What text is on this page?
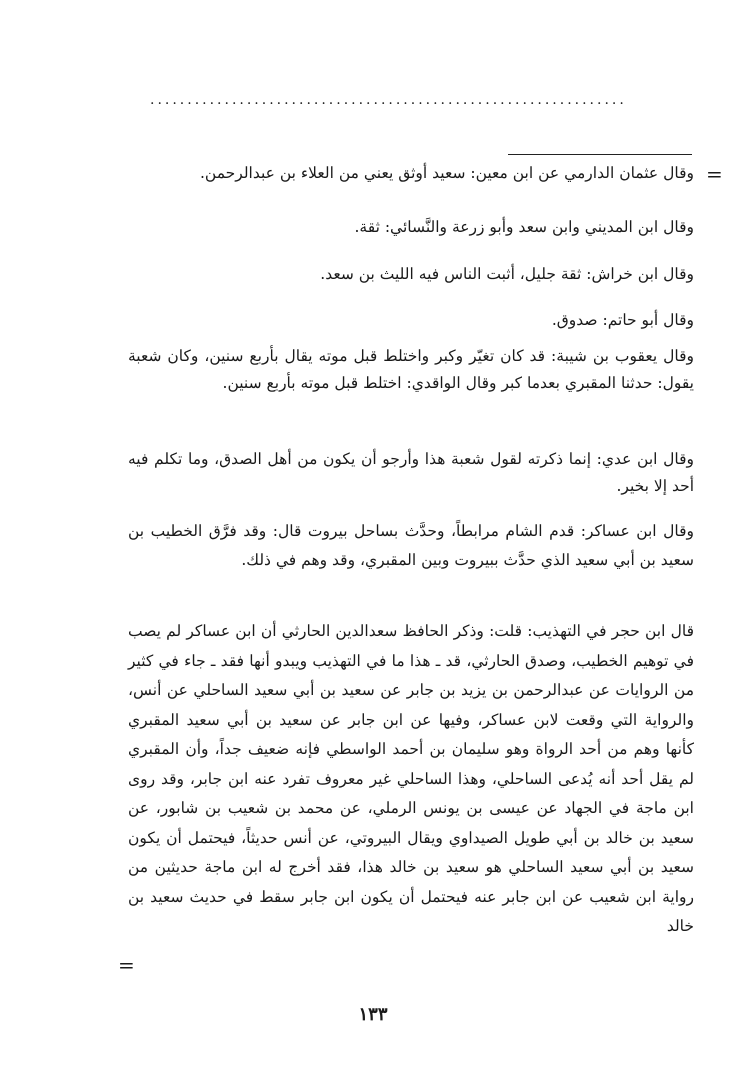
................................................................
=

وقال عثمان الدارمي عن ابن معين: سعيد أوثق يعني من العلاء بن عبدالرحمن.

وقال ابن المديني وابن سعد وأبو زرعة والنَّسائي: ثقة.

وقال ابن خراش: ثقة جليل، أثبت الناس فيه الليث بن سعد.

وقال أبو حاتم: صدوق.

وقال يعقوب بن شيبة: قد كان تغيّر وكبر واختلط قبل موته يقال بأربع سنين، وكان شعبة يقول: حدثنا المقبري بعدما كبر وقال الواقدي: اختلط قبل موته بأربع سنين.

وقال ابن عدي: إنما ذكرته لقول شعبة هذا وأرجو أن يكون من أهل الصدق، وما تكلم فيه أحد إلا بخير.

وقال ابن عساكر: قدم الشام مرابطاً، وحدَّث بساحل بيروت قال: وقد فرَّق الخطيب بن سعيد بن أبي سعيد الذي حدَّث ببيروت وبين المقبري، وقد وهم في ذلك.

قال ابن حجر في التهذيب: قلت: وذكر الحافظ سعدالدين الحارثي أن ابن عساكر لم يصب في توهيم الخطيب، وصدق الحارثي، قد ـ هذا ما في التهذيب ويبدو أنها فقد ـ جاء في كثير من الروايات عن عبدالرحمن بن يزيد بن جابر عن سعيد بن أبي سعيد الساحلي عن أنس، والرواية التي وقعت لابن عساكر، وفيها عن ابن جابر عن سعيد بن أبي سعيد المقبري كأنها وهم من أحد الرواة وهو سليمان بن أحمد الواسطي فإنه ضعيف جداً، وأن المقبري لم يقل أحد أنه يُدعى الساحلي، وهذا الساحلي غير معروف تفرد عنه ابن جابر، وقد روى ابن ماجة في الجهاد عن عيسى بن يونس الرملي، عن محمد بن شعيب بن شابور، عن سعيد بن خالد بن أبي طويل الصيداوي ويقال البيروتي، عن أنس حديثاً، فيحتمل أن يكون سعيد بن أبي سعيد الساحلي هو سعيد بن خالد هذا، فقد أخرج له ابن ماجة حديثين من رواية ابن شعيب عن ابن جابر عنه فيحتمل أن يكون ابن جابر سقط في حديث سعيد بن خالد

=
١٣٣
